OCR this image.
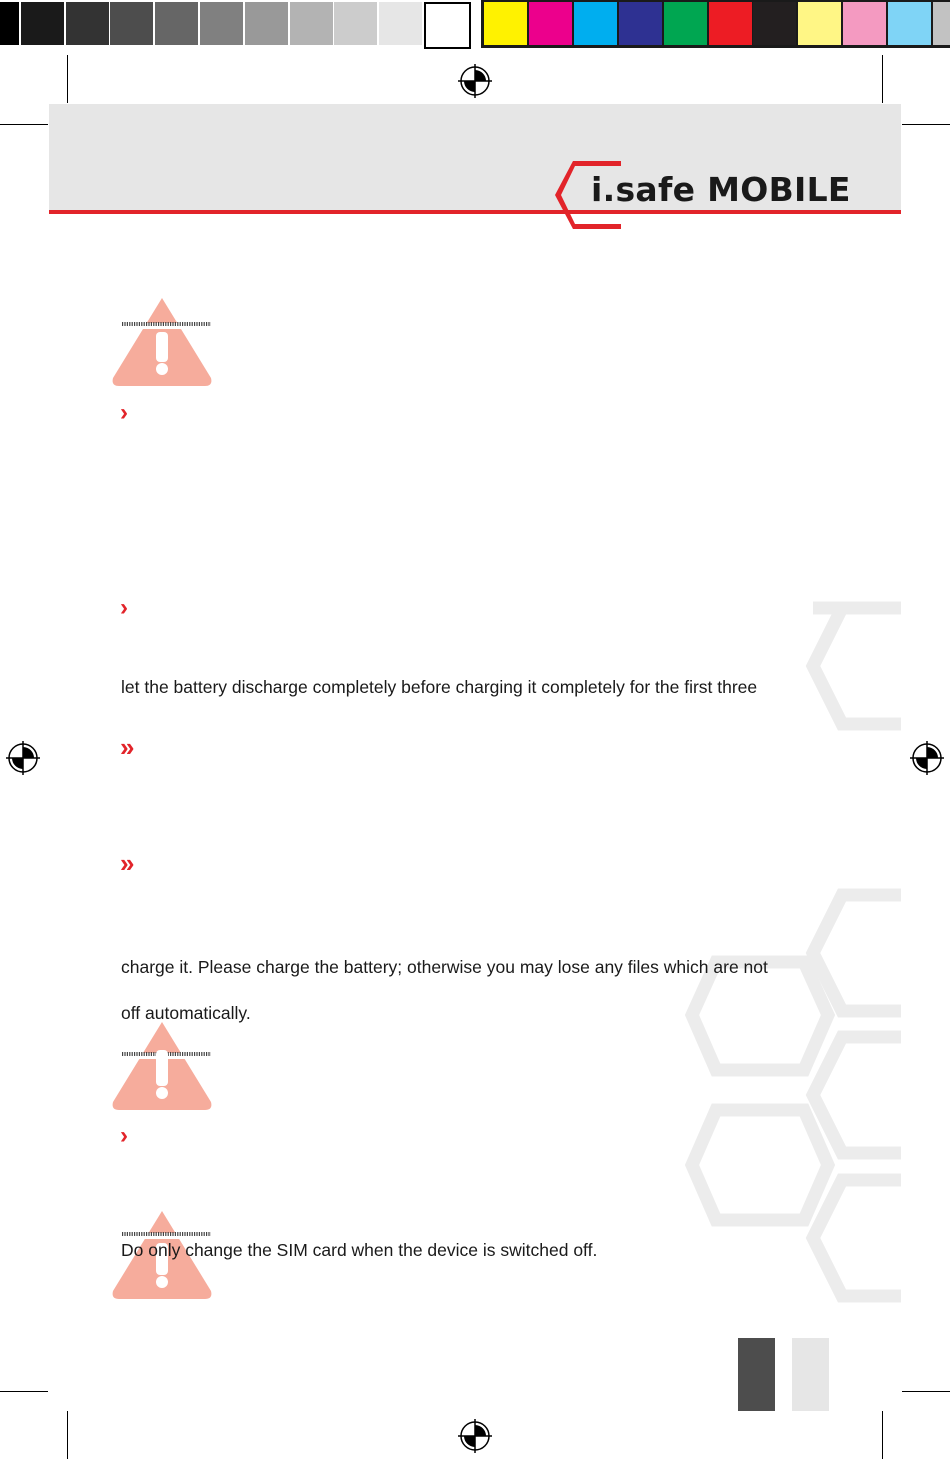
i.safe MOBILE
›
›
»
»
›
let the battery discharge completely before charging it completely for the first three
charge it. Please charge the battery; otherwise you may lose any files which are not
off automatically.
Do only change the SIM card when the device is switched off.
